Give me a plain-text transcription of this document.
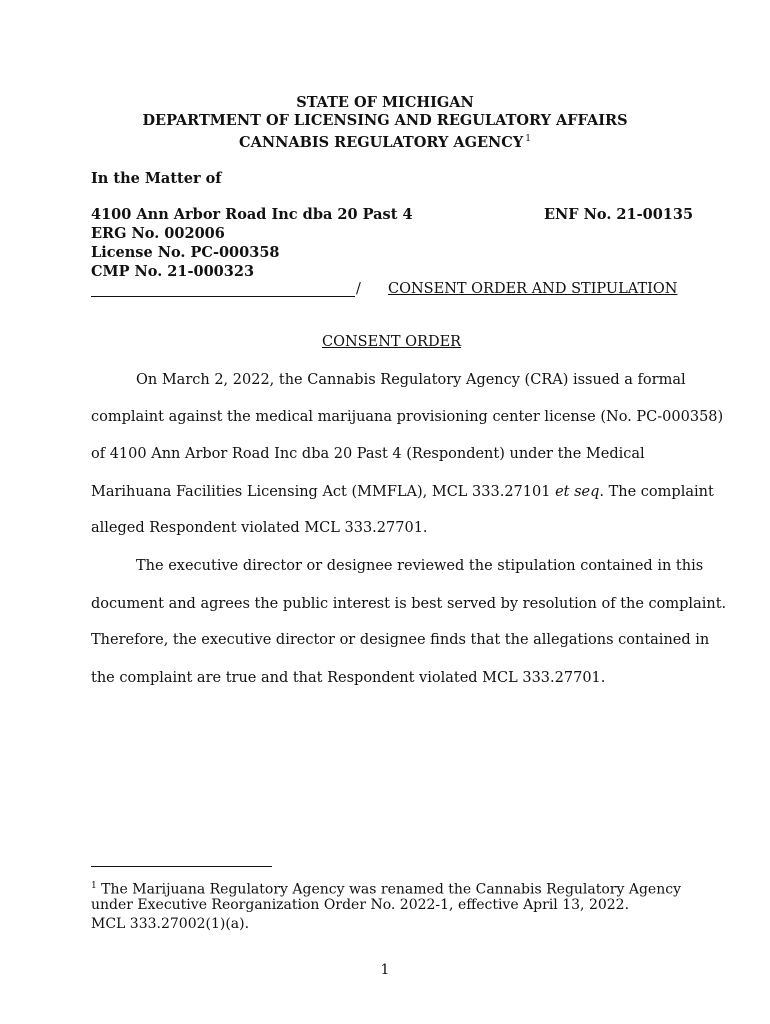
STATE OF MICHIGAN
DEPARTMENT OF LICENSING AND REGULATORY AFFAIRS
CANNABIS REGULATORY AGENCY $^1$
In the Matter of
4100 Ann Arbor Road Inc dba 20 Past 4	ENF No. 21-00135
ERG No. 002006
License No. PC-000358
CMP No. 21-000323
/ CONSENT ORDER AND STIPULATION
CONSENT ORDER
On March 2, 2022, the Cannabis Regulatory Agency (CRA) issued a formal
complaint against the medical marijuana provisioning center license (No. PC-000358)
of 4100 Ann Arbor Road Inc dba 20 Past 4 (Respondent) under the Medical
Marihuana Facilities Licensing Act (MMFLA), MCL 333.27101 et seq. The complaint
alleged Respondent violated MCL 333.27701.
The executive director or designee reviewed the stipulation contained in this
document and agrees the public interest is best served by resolution of the complaint.
Therefore, the executive director or designee finds that the allegations contained in
the complaint are true and that Respondent violated MCL 333.27701.
$^1$ The Marijuana Regulatory Agency was renamed the Cannabis Regulatory Agency
under Executive Reorganization Order No. 2022-1, effective April 13, 2022.
MCL 333.27002(1)(a).
1
